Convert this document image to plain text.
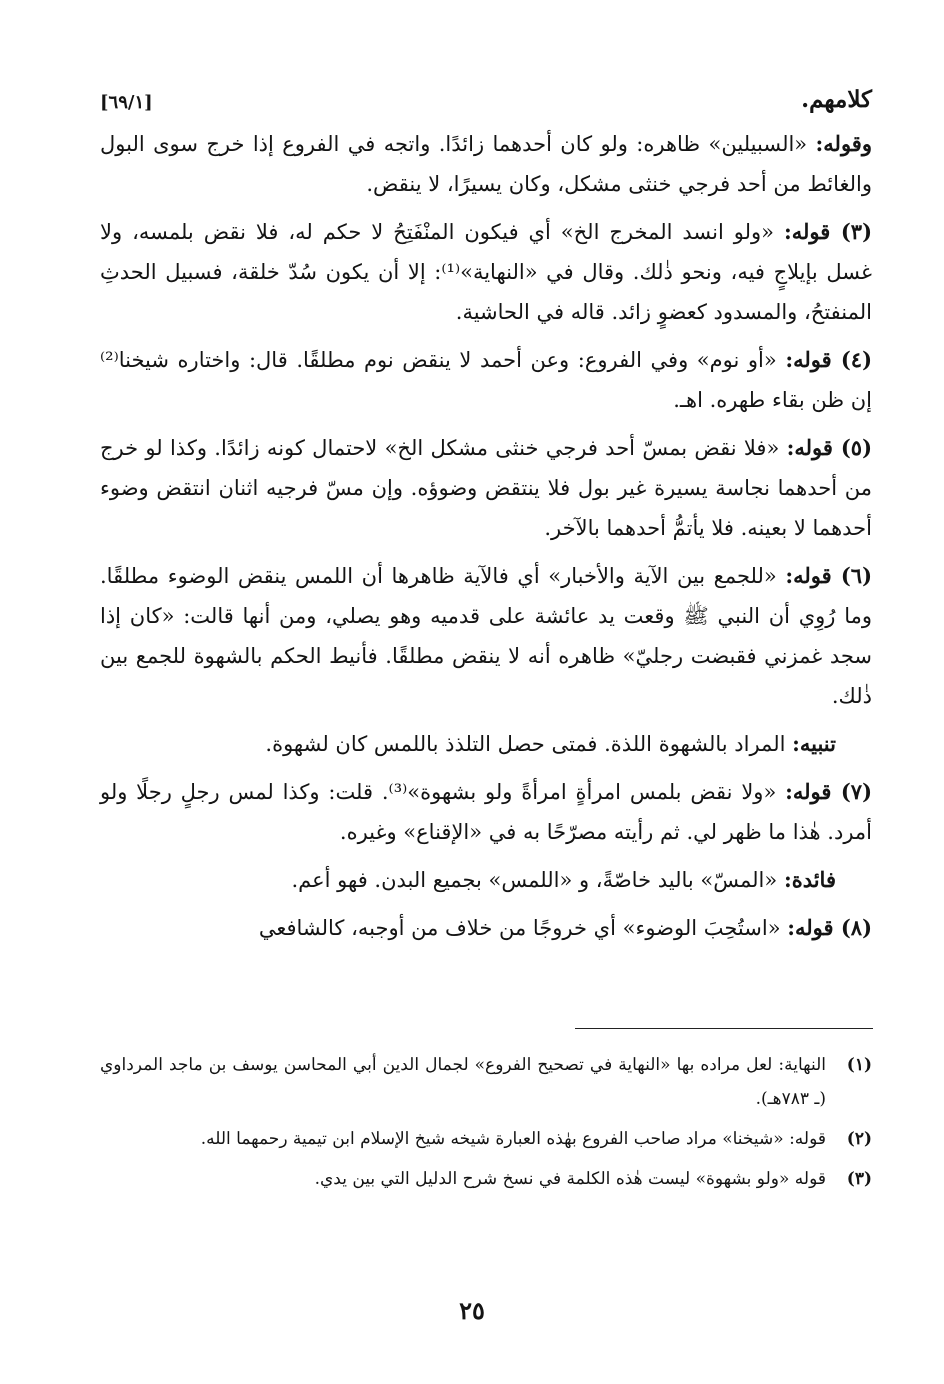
كلامهم.
[٦٩/١]

وقوله: «السبيلين» ظاهره: ولو كان أحدهما زائدًا. واتجه في الفروع إذا خرج سوى البول والغائط من أحد فرجي خنثى مشكل، وكان يسيرًا، لا ينقض.

(٣) قوله: «ولو انسد المخرج الخ» أي فيكون المنْفَتِحُ لا حكم له، فلا نقض بلمسه، ولا غسل بإيلاجٍ فيه، ونحو ذٰلك. وقال في «النهاية»⁽¹⁾: إلا أن يكون سُدّ خلقة، فسبيل الحدثِ المنفتحُ، والمسدود كعضوٍ زائد. قاله في الحاشية.

(٤) قوله: «أو نوم» وفي الفروع: وعن أحمد لا ينقض نوم مطلقًا. قال: واختاره شيخنا⁽²⁾ إن ظن بقاء طهره. اهـ.

(٥) قوله: «فلا نقض بمسّ أحد فرجي خنثى مشكل الخ» لاحتمال كونه زائدًا. وكذا لو خرج من أحدهما نجاسة يسيرة غير بول فلا ينتقض وضوؤه. وإن مسّ فرجيه اثنان انتقض وضوء أحدهما لا بعينه. فلا يأتمُّ أحدهما بالآخر.

(٦) قوله: «للجمع بين الآية والأخبار» أي فالآية ظاهرها أن اللمس ينقض الوضوء مطلقًا. وما رُوِي أن النبي ﷺ وقعت يد عائشة على قدميه وهو يصلي، ومن أنها قالت: «كان إذا سجد غمزني فقبضت رجليّ» ظاهره أنه لا ينقض مطلقًا. فأنيط الحكم بالشهوة للجمع بين ذٰلك.

تنبيه: المراد بالشهوة اللذة. فمتى حصل التلذذ باللمس كان لشهوة.

(٧) قوله: «ولا نقض بلمس امرأةٍ امرأةً ولو بشهوة»⁽³⁾. قلت: وكذا لمس رجلٍ رجلًا ولو أمرد. هٰذا ما ظهر لي. ثم رأيته مصرّحًا به في «الإقناع» وغيره.

فائدة: «المسّ» باليد خاصّةً، و «اللمس» بجميع البدن. فهو أعم.

(٨) قوله: «استُحِبَ الوضوء» أي خروجًا من خلاف من أوجبه، كالشافعي

(١)
النهاية: لعل مراده بها «النهاية في تصحيح الفروع» لجمال الدين أبي المحاسن يوسف بن ماجد المرداوي (ـ ٧٨٣هـ).
(٢)
قوله: «شيخنا» مراد صاحب الفروع بهٰذه العبارة شيخه شيخ الإسلام ابن تيمية رحمهما الله.
(٣)
قوله «ولو بشهوة» ليست هٰذه الكلمة في نسخ شرح الدليل التي بين يدي.
٢٥
